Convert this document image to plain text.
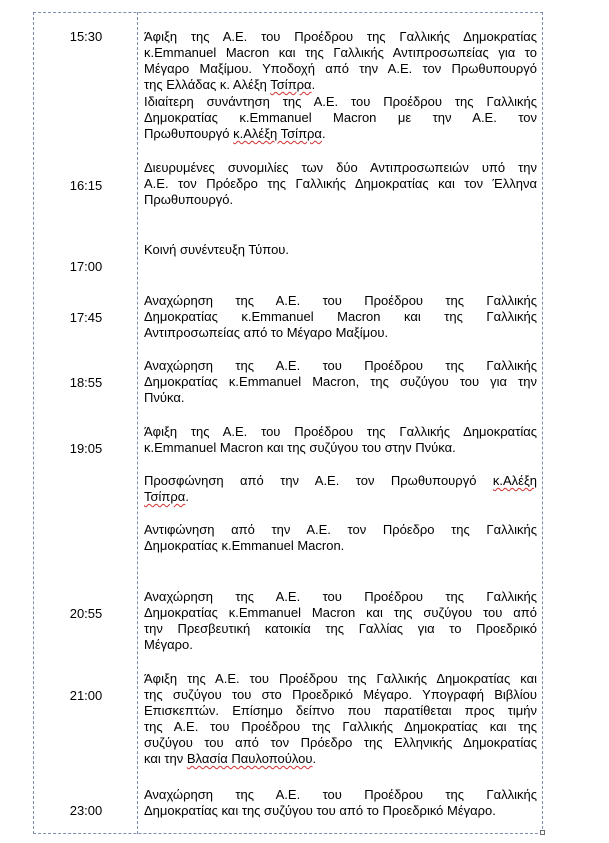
15:30
16:15
17:00
17:45
18:55
19:05
20:55
21:00
23:00
Άφιξη της Α.Ε. του Προέδρου της Γαλλικής Δημοκρατίας
κ.Emmanuel Macron και της Γαλλικής Αντιπροσωπείας για το
Μέγαρο Μαξίμου. Υποδοχή από την Α.Ε. τον Πρωθυπουργό
της Ελλάδας κ. Αλέξη Τσίπρα.
Ιδιαίτερη συνάντηση της Α.Ε. του Προέδρου της Γαλλικής
Δημοκρατίας κ.Emmanuel Macron με την Α.Ε. τον
Πρωθυπουργό κ.Αλέξη Τσίπρα.
Διευρυμένες συνομιλίες των δύο Αντιπροσωπειών υπό την
Α.Ε. τον Πρόεδρο της Γαλλικής Δημοκρατίας και τον Έλληνα
Πρωθυπουργό.
Κοινή συνέντευξη Τύπου.
Αναχώρηση της Α.Ε. του Προέδρου της Γαλλικής
Δημοκρατίας κ.Emmanuel Macron και της Γαλλικής
Αντιπροσωπείας από το Μέγαρο Μαξίμου.
Αναχώρηση της Α.Ε. του Προέδρου της Γαλλικής
Δημοκρατίας κ.Emmanuel Macron, της συζύγου του για την
Πνύκα.
Άφιξη της Α.Ε. του Προέδρου της Γαλλικής Δημοκρατίας
κ.Emmanuel Macron και της συζύγου του στην Πνύκα.
Προσφώνηση από την Α.Ε. τον Πρωθυπουργό κ.Αλέξη
Τσίπρα.
Αντιφώνηση από την Α.Ε. τον Πρόεδρο της Γαλλικής
Δημοκρατίας κ.Emmanuel Macron.
Αναχώρηση της Α.Ε. του Προέδρου της Γαλλικής
Δημοκρατίας κ.Emmanuel Macron και της συζύγου του από
την Πρεσβευτική κατοικία της Γαλλίας για το Προεδρικό
Μέγαρο.
Άφιξη της Α.Ε. του Προέδρου της Γαλλικής Δημοκρατίας και
της συζύγου του στο Προεδρικό Μέγαρο. Υπογραφή Βιβλίου
Επισκεπτών. Επίσημο δείπνο που παρατίθεται προς τιμήν
της Α.Ε. του Προέδρου της Γαλλικής Δημοκρατίας και της
συζύγου του από τον Πρόεδρο της Ελληνικής Δημοκρατίας
και την Βλασία Παυλοπούλου.
Αναχώρηση της Α.Ε. του Προέδρου της Γαλλικής
Δημοκρατίας και της συζύγου του από το Προεδρικό Μέγαρο.
